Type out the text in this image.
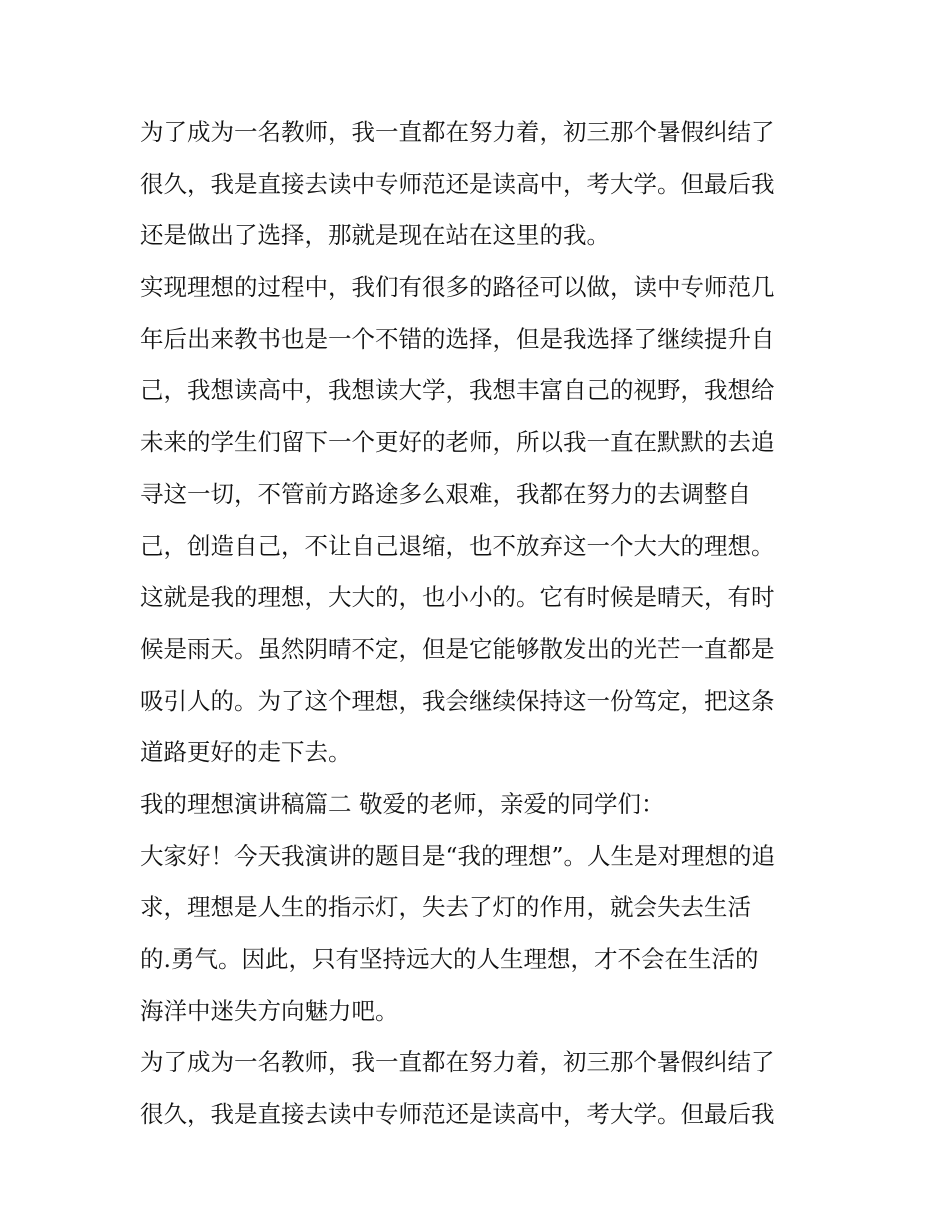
为了成为一名教师，我一直都在努力着，初三那个暑假纠结了
很久，我是直接去读中专师范还是读高中，考大学。但最后我
还是做出了选择，那就是现在站在这里的我。
实现理想的过程中，我们有很多的路径可以做，读中专师范几
年后出来教书也是一个不错的选择，但是我选择了继续提升自
己，我想读高中，我想读大学，我想丰富自己的视野，我想给
未来的学生们留下一个更好的老师，所以我一直在默默的去追
寻这一切，不管前方路途多么艰难，我都在努力的去调整自
己，创造自己，不让自己退缩，也不放弃这一个大大的理想。
这就是我的理想，大大的，也小小的。它有时候是晴天，有时
候是雨天。虽然阴晴不定，但是它能够散发出的光芒一直都是
吸引人的。为了这个理想，我会继续保持这一份笃定，把这条
道路更好的走下去。
我的理想演讲稿篇二 敬爱的老师，亲爱的同学们：
大家好！今天我演讲的题目是“我的理想”。人生是对理想的追
求，理想是人生的指示灯，失去了灯的作用，就会失去生活
的.勇气。因此，只有坚持远大的人生理想，才不会在生活的
海洋中迷失方向魅力吧。
为了成为一名教师，我一直都在努力着，初三那个暑假纠结了
很久，我是直接去读中专师范还是读高中，考大学。但最后我
